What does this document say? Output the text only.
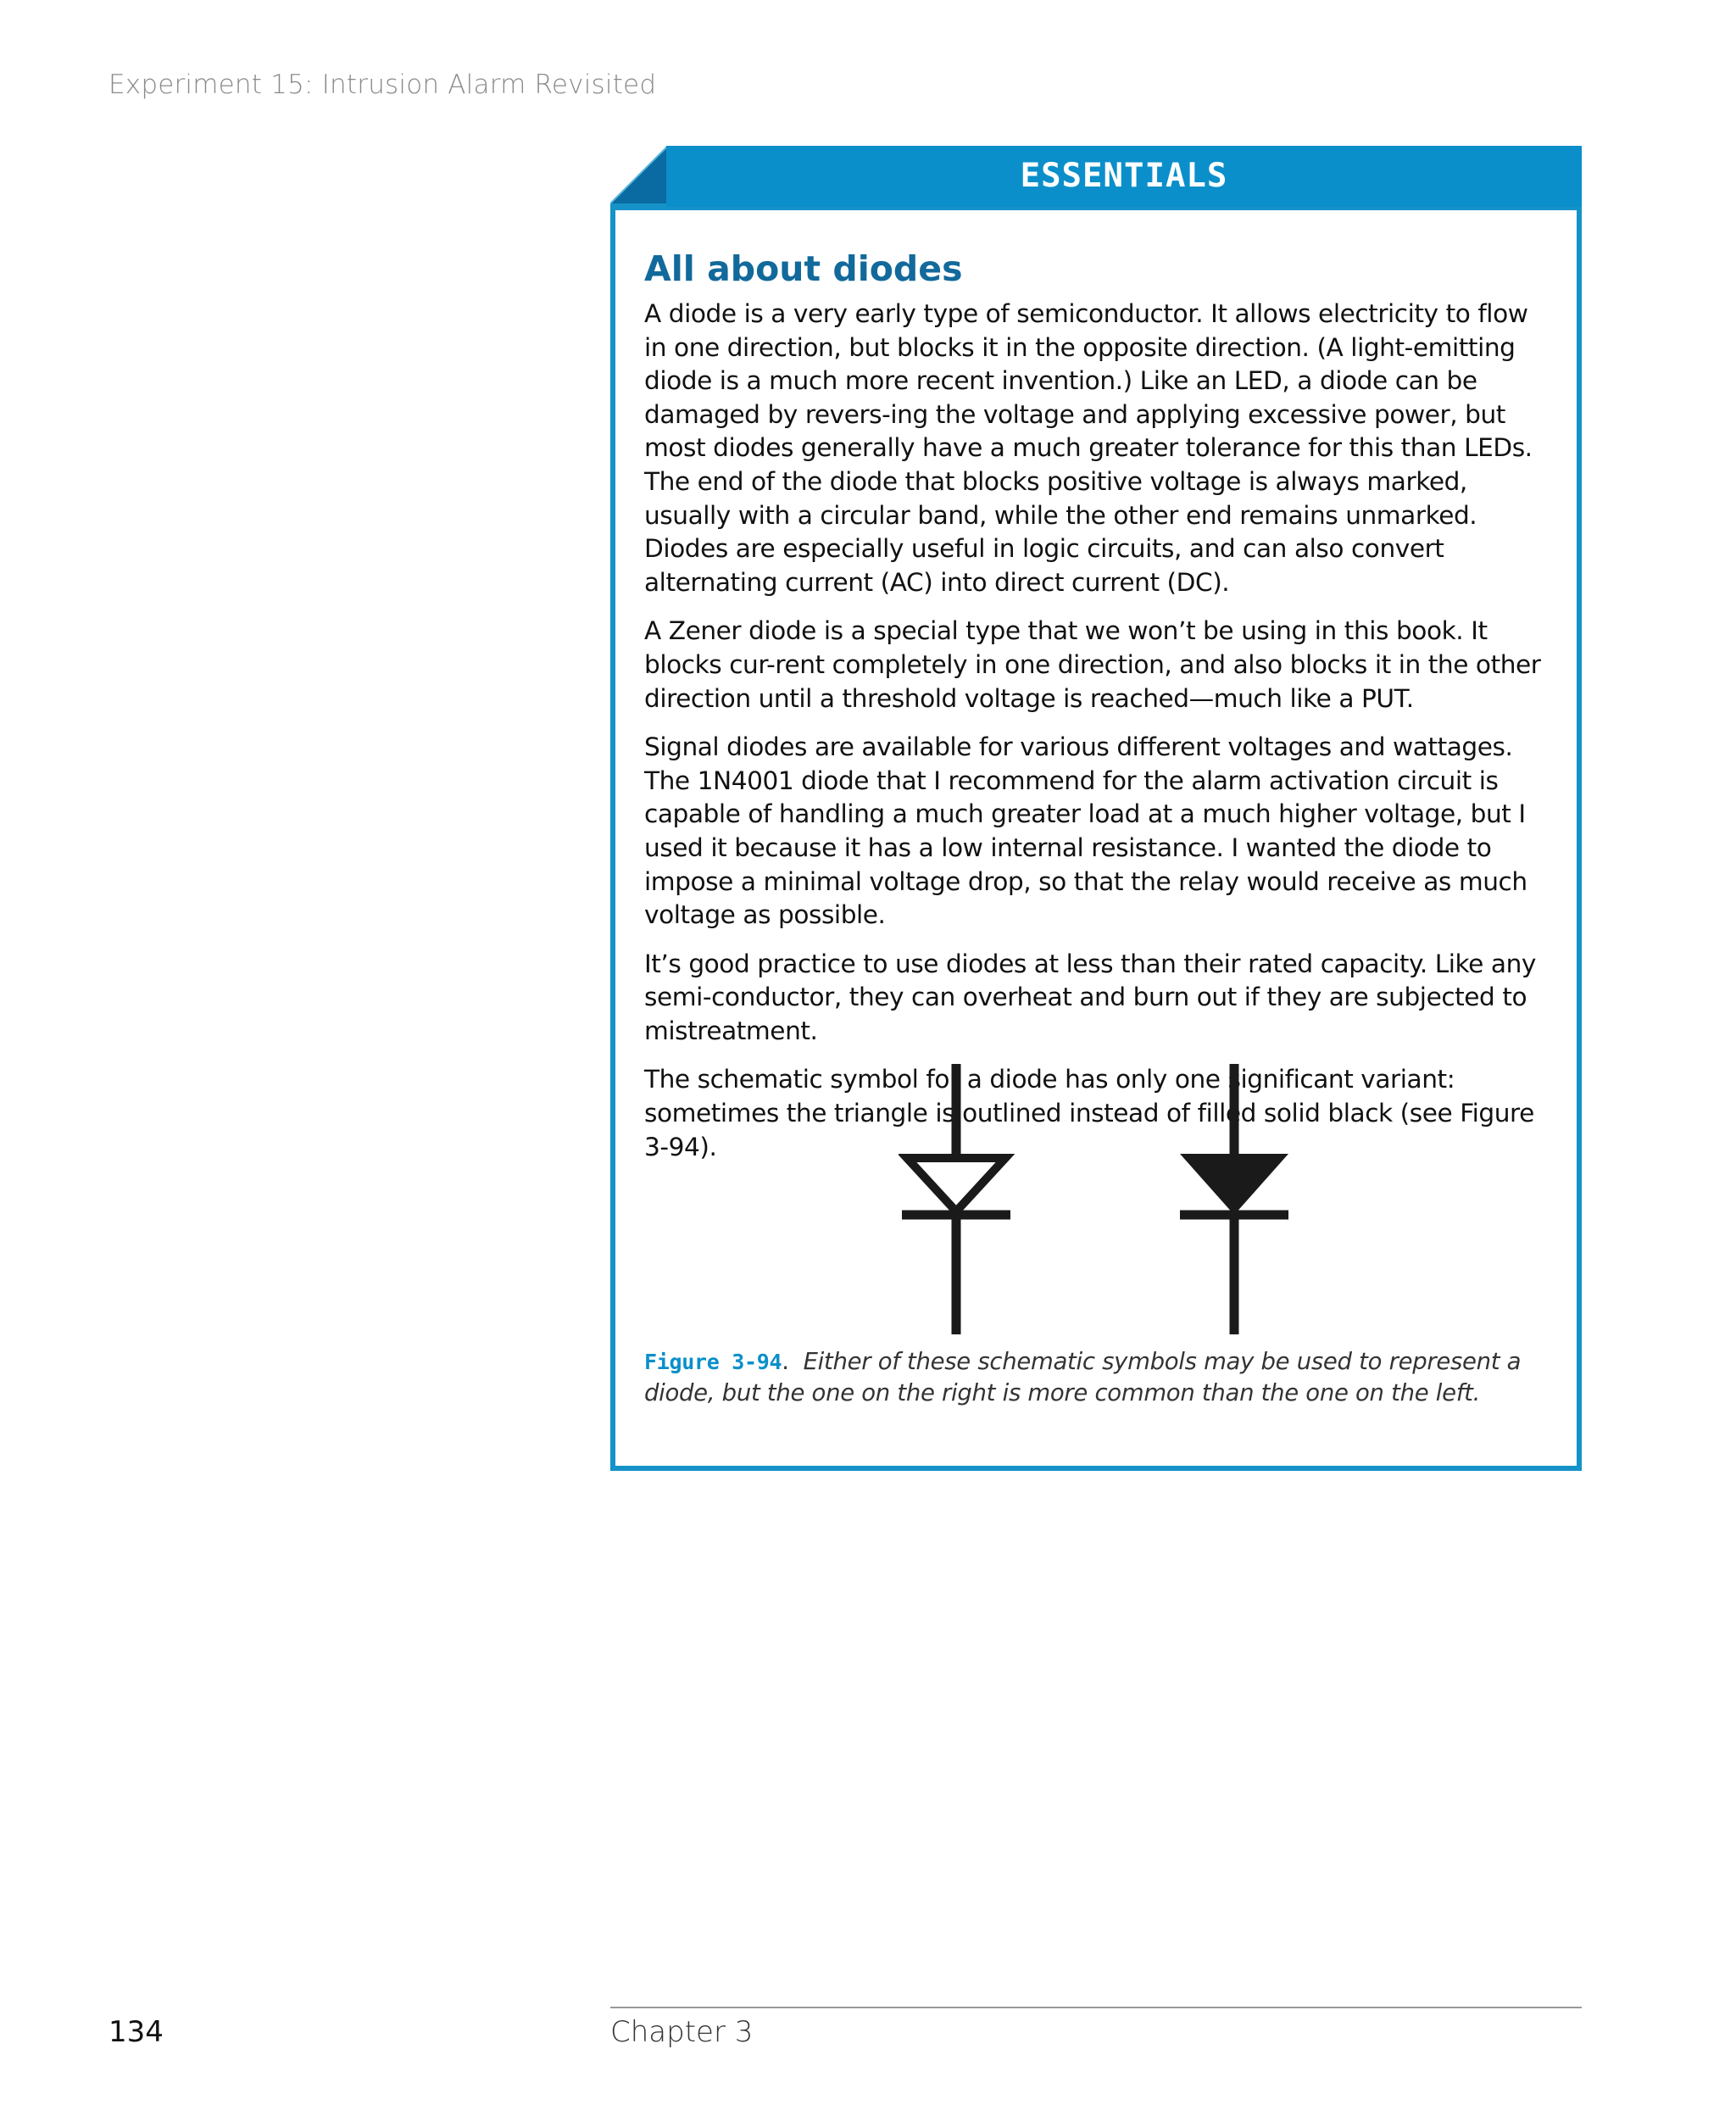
Experiment 15: Intrusion Alarm Revisited
ESSENTIALS
All about diodes

A diode is a very early type of semiconductor. It allows electricity to flow in one direction, but blocks it in the opposite direction. (A light-emitting diode is a much more recent invention.) Like an LED, a diode can be damaged by revers-ing the voltage and applying excessive power, but most diodes generally have a much greater tolerance for this than LEDs. The end of the diode that blocks positive voltage is always marked, usually with a circular band, while the other end remains unmarked. Diodes are especially useful in logic circuits, and can also convert alternating current (AC) into direct current (DC).

A Zener diode is a special type that we won’t be using in this book. It blocks cur-rent completely in one direction, and also blocks it in the other direction until a threshold voltage is reached—much like a PUT.

Signal diodes are available for various different voltages and wattages. The 1N4001 diode that I recommend for the alarm activation circuit is capable of handling a much greater load at a much higher voltage, but I used it because it has a low internal resistance. I wanted the diode to impose a minimal voltage drop, so that the relay would receive as much voltage as possible.

It’s good practice to use diodes at less than their rated capacity. Like any semi-conductor, they can overheat and burn out if they are subjected to mistreatment.

The schematic symbol for a diode has only one significant variant: sometimes the triangle is outlined instead of filled solid black (see Figure 3-94).

Figure 3-94. Either of these schematic symbols may be used to represent a diode, but the one on the right is more common than the one on the left.
134	Chapter 3
